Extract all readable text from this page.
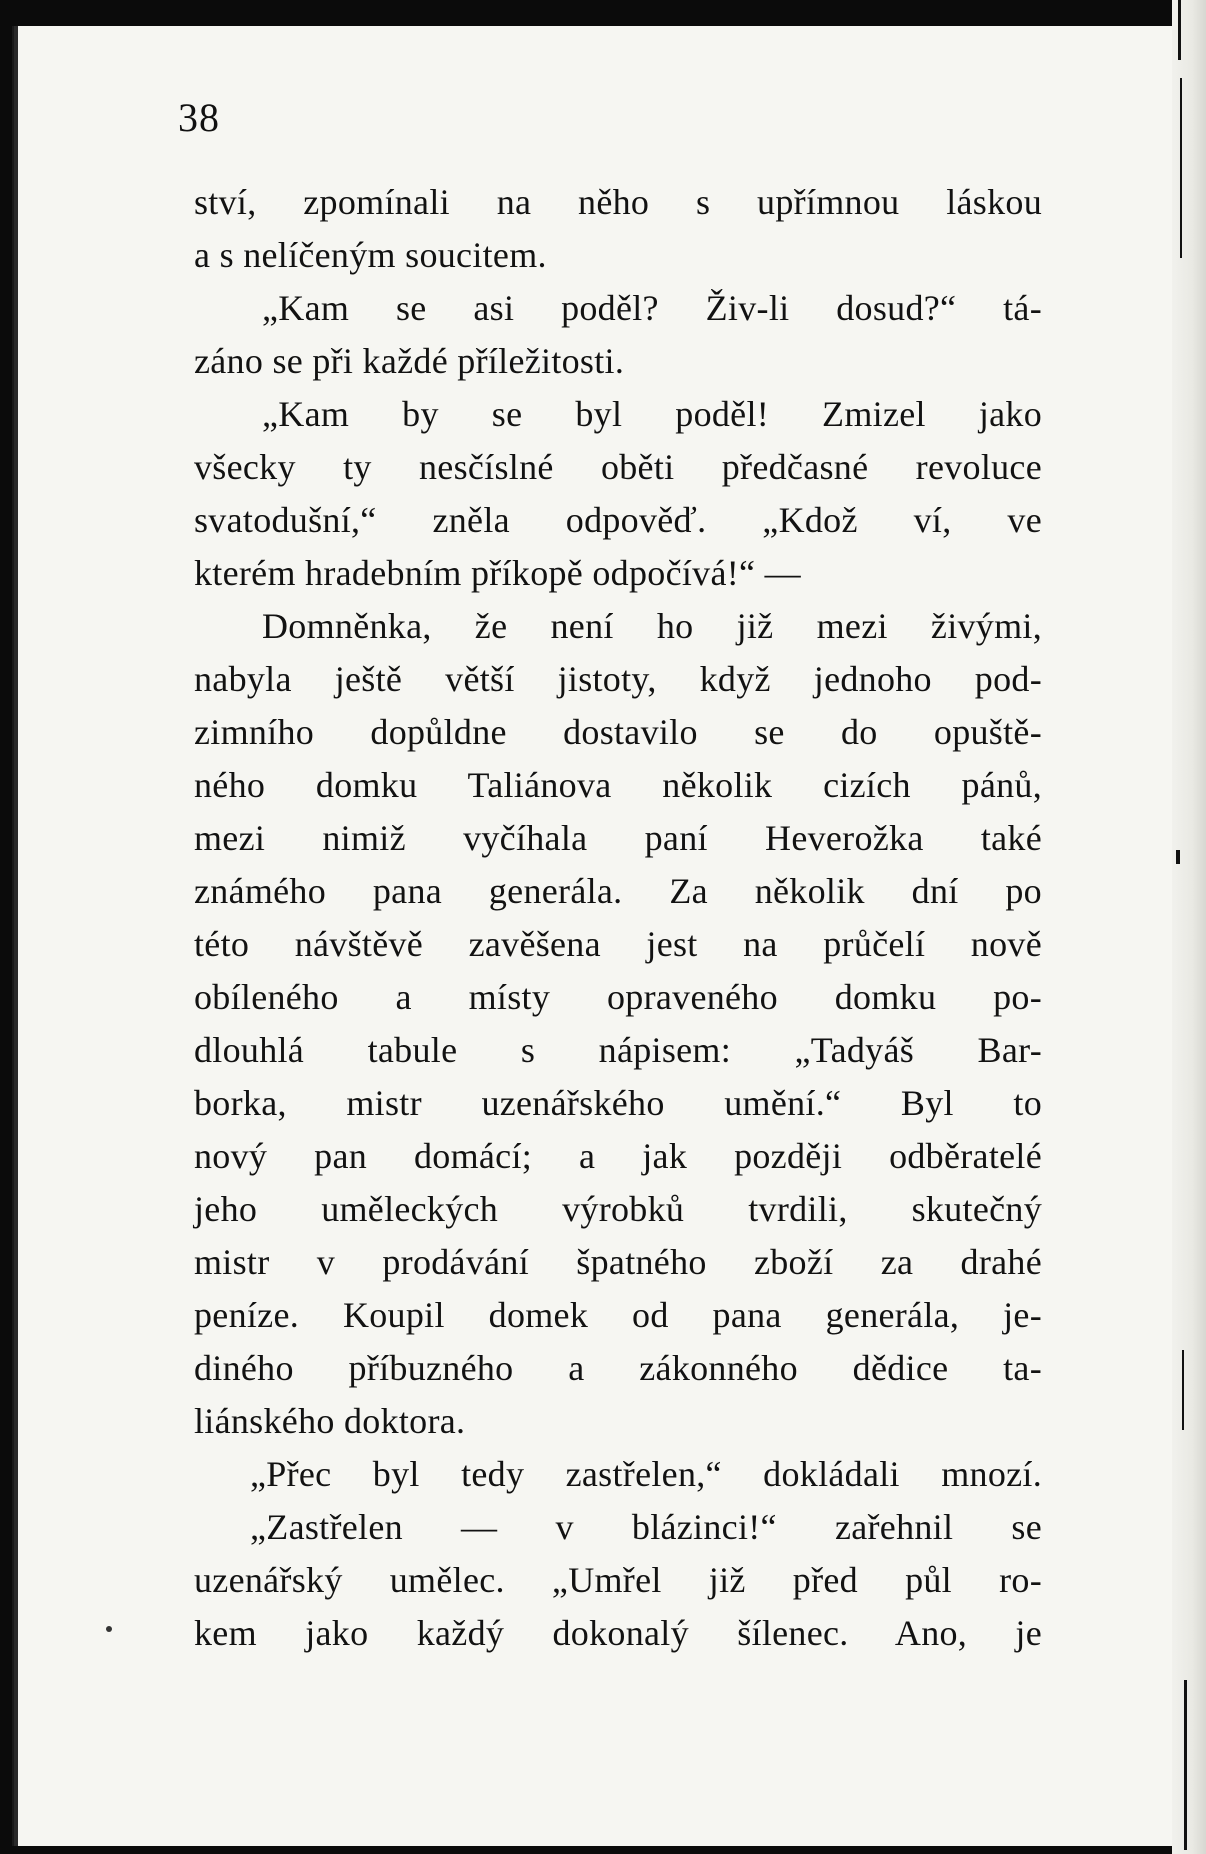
38

ství, zpomínali na něho s upřímnou láskou
a s nelíčeným soucitem.
„Kam se asi poděl? Živ-li dosud?“ tá-
záno se při každé příležitosti.
„Kam by se byl poděl! Zmizel jako
všecky ty nesčíslné oběti předčasné revoluce
svatodušní,“ zněla odpověď. „Kdož ví, ve
kterém hradebním příkopě odpočívá!“ —
Domněnka, že není ho již mezi živými,
nabyla ještě větší jistoty, když jednoho pod-
zimního dopůldne dostavilo se do opuště-
ného domku Taliánova několik cizích pánů,
mezi nimiž vyčíhala paní Heverožka také
známého pana generála. Za několik dní po
této návštěvě zavěšena jest na průčelí nově
obíleného a místy opraveného domku po-
dlouhlá tabule s nápisem: „Tadyáš Bar-
borka, mistr uzenářského umění.“ Byl to
nový pan domácí; a jak později odběratelé
jeho uměleckých výrobků tvrdili, skutečný
mistr v prodávání špatného zboží za drahé
peníze. Koupil domek od pana generála, je-
diného příbuzného a zákonného dědice ta-
liánského doktora.
„Přec byl tedy zastřelen,“ dokládali mnozí.
„Zastřelen — v blázinci!“ zařehnil se
uzenářský umělec. „Umřel již před půl ro-
kem jako každý dokonalý šílenec. Ano, je
